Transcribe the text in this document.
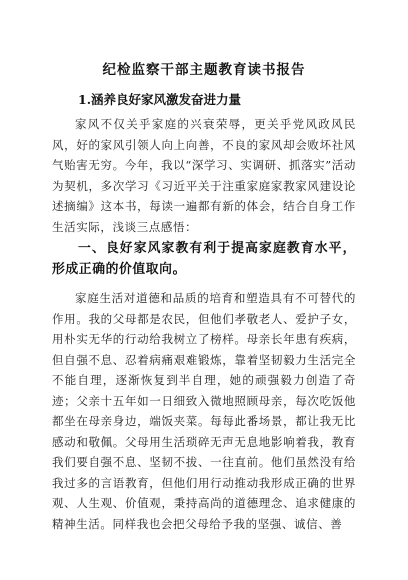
纪检监察干部主题教育读书报告
1.涵养良好家风激发奋进力量

家风不仅关乎家庭的兴衰荣辱，更关乎党风政风民风，好的家风引领人向上向善，不良的家风却会败坏社风气贻害无穷。今年，我以“深学习、实调研、抓落实”活动为契机，多次学习《习近平关于注重家庭家教家风建设论述摘编》这本书，每读一遍都有新的体会，结合自身工作生活实际，浅谈三点感悟：

一、良好家风家教有利于提高家庭教育水平，形成正确的价值取向。

家庭生活对道德和品质的培育和塑造具有不可替代的作用。我的父母都是农民，但他们孝敬老人、爱护子女，用朴实无华的行动给我树立了榜样。母亲长年患有疾病，但自强不息、忍着病痛艰难锻炼，靠着坚韧毅力生活完全不能自理，逐渐恢复到半自理，她的顽强毅力创造了奇迹；父亲十五年如一日细致入微地照顾母亲，每次吃饭他都坐在母亲身边，端饭夹菜。每每此番场景，都让我无比感动和敬佩。父母用生活琐碎无声无息地影响着我，教育我们要自强不息、坚韧不拔、一往直前。他们虽然没有给我过多的言语教育，但他们用行动推动我形成正确的世界观、人生观、价值观，秉持高尚的道德理念、追求健康的精神生活。同样我也会把父母给予我的坚强、诚信、善
